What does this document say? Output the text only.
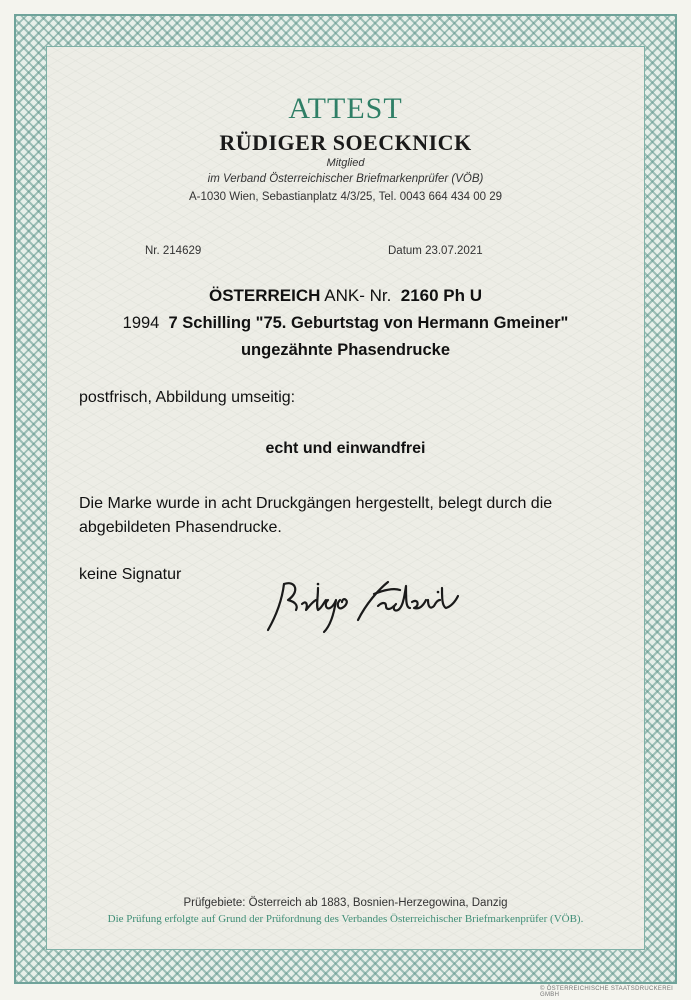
ATTEST
RÜDIGER SOECKNICK
Mitglied
im Verband Österreichischer Briefmarkenprüfer (VÖB)
A-1030 Wien, Sebastianplatz 4/3/25, Tel. 0043 664 434 00 29
Nr. 214629	Datum 23.07.2021
ÖSTERREICH ANK- Nr. 2160 Ph U
1994 7 Schilling "75. Geburtstag von Hermann Gmeiner"
ungezähnte Phasendrucke
postfrisch, Abbildung umseitig:
echt und einwandfrei
Die Marke wurde in acht Druckgängen hergestellt, belegt durch die abgebildeten Phasendrucke.
keine Signatur
Prüfgebiete: Österreich ab 1883, Bosnien-Herzegowina, Danzig
Die Prüfung erfolgte auf Grund der Prüfordnung des Verbandes Österreichischer Briefmarkenprüfer (VÖB).
© ÖSTERREICHISCHE STAATSDRUCKEREI GMBH
